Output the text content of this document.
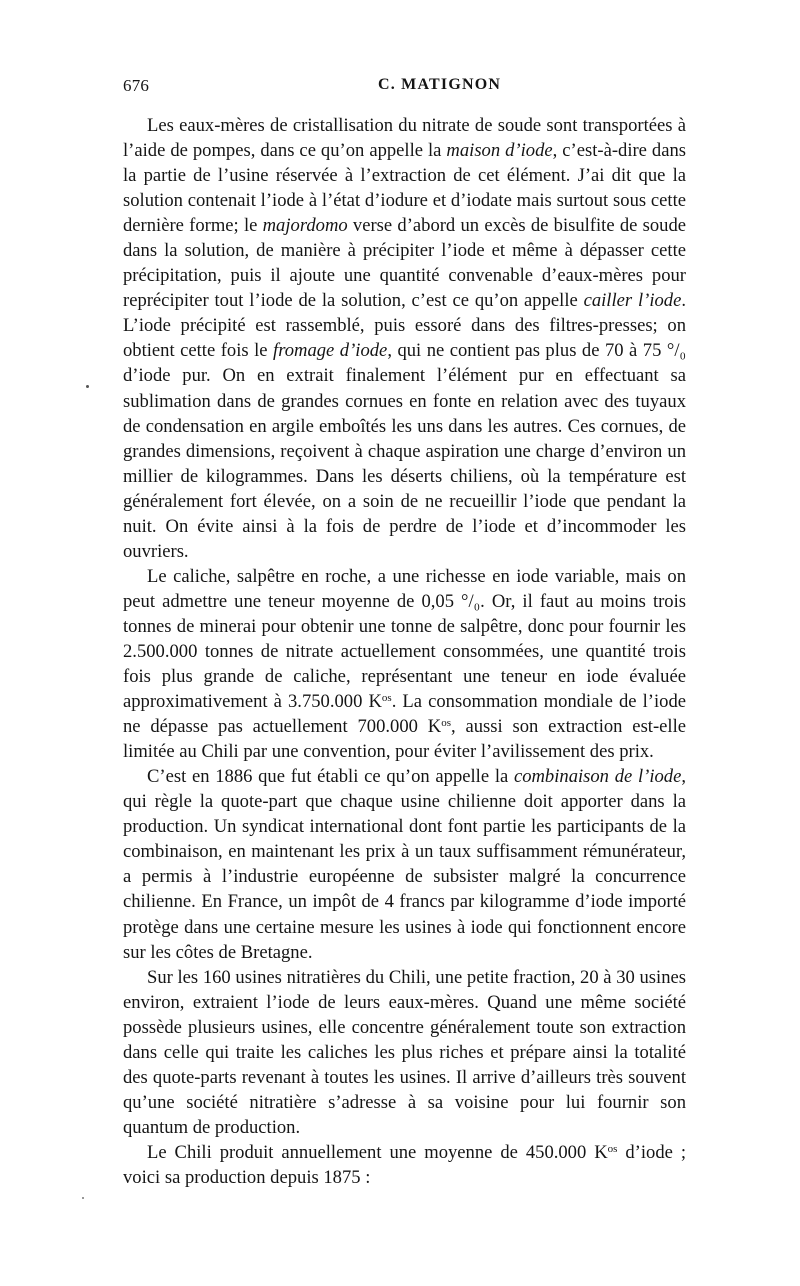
676	C. MATIGNON

Les eaux-mères de cristallisation du nitrate de soude sont transportées à l’aide de pompes, dans ce qu’on appelle la maison d’iode, c’est-à-dire dans la partie de l’usine réservée à l’extraction de cet élément. J’ai dit que la solution contenait l’iode à l’état d’iodure et d’iodate mais surtout sous cette dernière forme; le majordomo verse d’abord un excès de bisulfite de soude dans la solution, de manière à précipiter l’iode et même à dépasser cette précipitation, puis il ajoute une quantité convenable d’eaux-mères pour reprécipiter tout l’iode de la solution, c’est ce qu’on appelle cailler l’iode. L’iode précipité est rassemblé, puis essoré dans des filtres-presses; on obtient cette fois le fromage d’iode, qui ne contient pas plus de 70 à 75 °/₀ d’iode pur. On en extrait finalement l’élément pur en effectuant sa sublimation dans de grandes cornues en fonte en relation avec des tuyaux de condensation en argile emboîtés les uns dans les autres. Ces cornues, de grandes dimensions, reçoivent à chaque aspiration une charge d’environ un millier de kilogrammes. Dans les déserts chiliens, où la température est généralement fort élevée, on a soin de ne recueillir l’iode que pendant la nuit. On évite ainsi à la fois de perdre de l’iode et d’incommoder les ouvriers.

Le caliche, salpêtre en roche, a une richesse en iode variable, mais on peut admettre une teneur moyenne de 0,05 °/₀. Or, il faut au moins trois tonnes de minerai pour obtenir une tonne de salpêtre, donc pour fournir les 2.500.000 tonnes de nitrate actuellement consommées, une quantité trois fois plus grande de caliche, représentant une teneur en iode évaluée approximativement à 3.750.000 $K^{os}$. La consommation mondiale de l’iode ne dépasse pas actuellement 700.000 $K^{os}$, aussi son extraction est-elle limitée au Chili par une convention, pour éviter l’avilissement des prix.

C’est en 1886 que fut établi ce qu’on appelle la combinaison de l’iode, qui règle la quote-part que chaque usine chilienne doit apporter dans la production. Un syndicat international dont font partie les participants de la combinaison, en maintenant les prix à un taux suffisamment rémunérateur, a permis à l’industrie européenne de subsister malgré la concurrence chilienne. En France, un impôt de 4 francs par kilogramme d’iode importé protège dans une certaine mesure les usines à iode qui fonctionnent encore sur les côtes de Bretagne.

Sur les 160 usines nitratières du Chili, une petite fraction, 20 à 30 usines environ, extraient l’iode de leurs eaux-mères. Quand une même société possède plusieurs usines, elle concentre généralement toute son extraction dans celle qui traite les caliches les plus riches et prépare ainsi la totalité des quote-parts revenant à toutes les usines. Il arrive d’ailleurs très souvent qu’une société nitratière s’adresse à sa voisine pour lui fournir son quantum de production.

Le Chili produit annuellement une moyenne de 450.000 $K^{os}$ d’iode ; voici sa production depuis 1875 :
